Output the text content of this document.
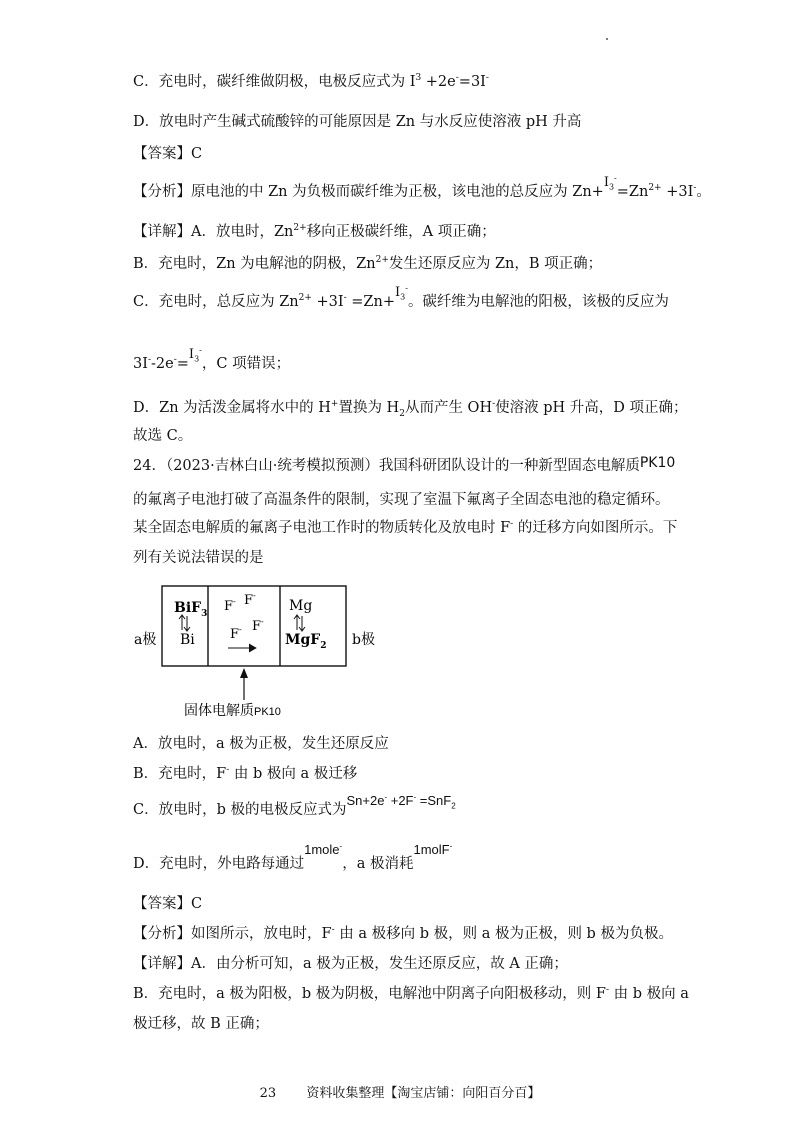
C．充电时，碳纤维做阴极，电极反应式为 $I^3 +2e^-=3I^-$
D．放电时产生碱式硫酸锌的可能原因是 Zn 与水反应使溶液 pH 升高
【答案】C
【分析】原电池的中 Zn 为负极而碳纤维为正极，该电池的总反应为 $Zn+I_3^-=Zn^{2+} +3I^-$。
【详解】A．放电时，$Zn^{2+}$移向正极碳纤维，A 项正确；
B．充电时，Zn 为电解池的阴极，$Zn^{2+}$发生还原反应为 Zn，B 项正确；
C．充电时，总反应为 $Zn^{2+} +3I^- =Zn+I_3^-$。碳纤维为电解池的阳极，该极的反应为
$3I^--2e^-=I_3^-$，C 项错误；
D．Zn 为活泼金属将水中的 H+置换为 $H_2$从而产生 OH-使溶液 pH 升高，D 项正确；
故选 C。
24．（2023·吉林白山·统考模拟预测）我国科研团队设计的一种新型固态电解质PK10
的氟离子电池打破了高温条件的限制，实现了室温下氟离子全固态电池的稳定循环。
某全固态电解质的氟离子电池工作时的物质转化及放电时 F- 的迁移方向如图所示。下
列有关说法错误的是
a极	b极
BiF$_3$
Bi
F- F-
F- F-
Mg
MgF$_2$
固体电解质PK10
A．放电时，a 极为正极，发生还原反应
B．充电时，F- 由 b 极向 a 极迁移
C．放电时，b 极的电极反应式为Sn+2e- +2F- =SnF$_2$
D．充电时，外电路每通过1mole-，a 极消耗1molF-
【答案】C
【分析】如图所示，放电时，F- 由 a 极移向 b 极，则 a 极为正极，则 b 极为负极。
【详解】A．由分析可知，a 极为正极，发生还原反应，故 A 正确；
B．充电时，a 极为阳极，b 极为阴极，电解池中阴离子向阳极移动，则 F- 由 b 极向 a
极迁移，故 B 正确；
23 资料收集整理【淘宝店铺：向阳百分百】
